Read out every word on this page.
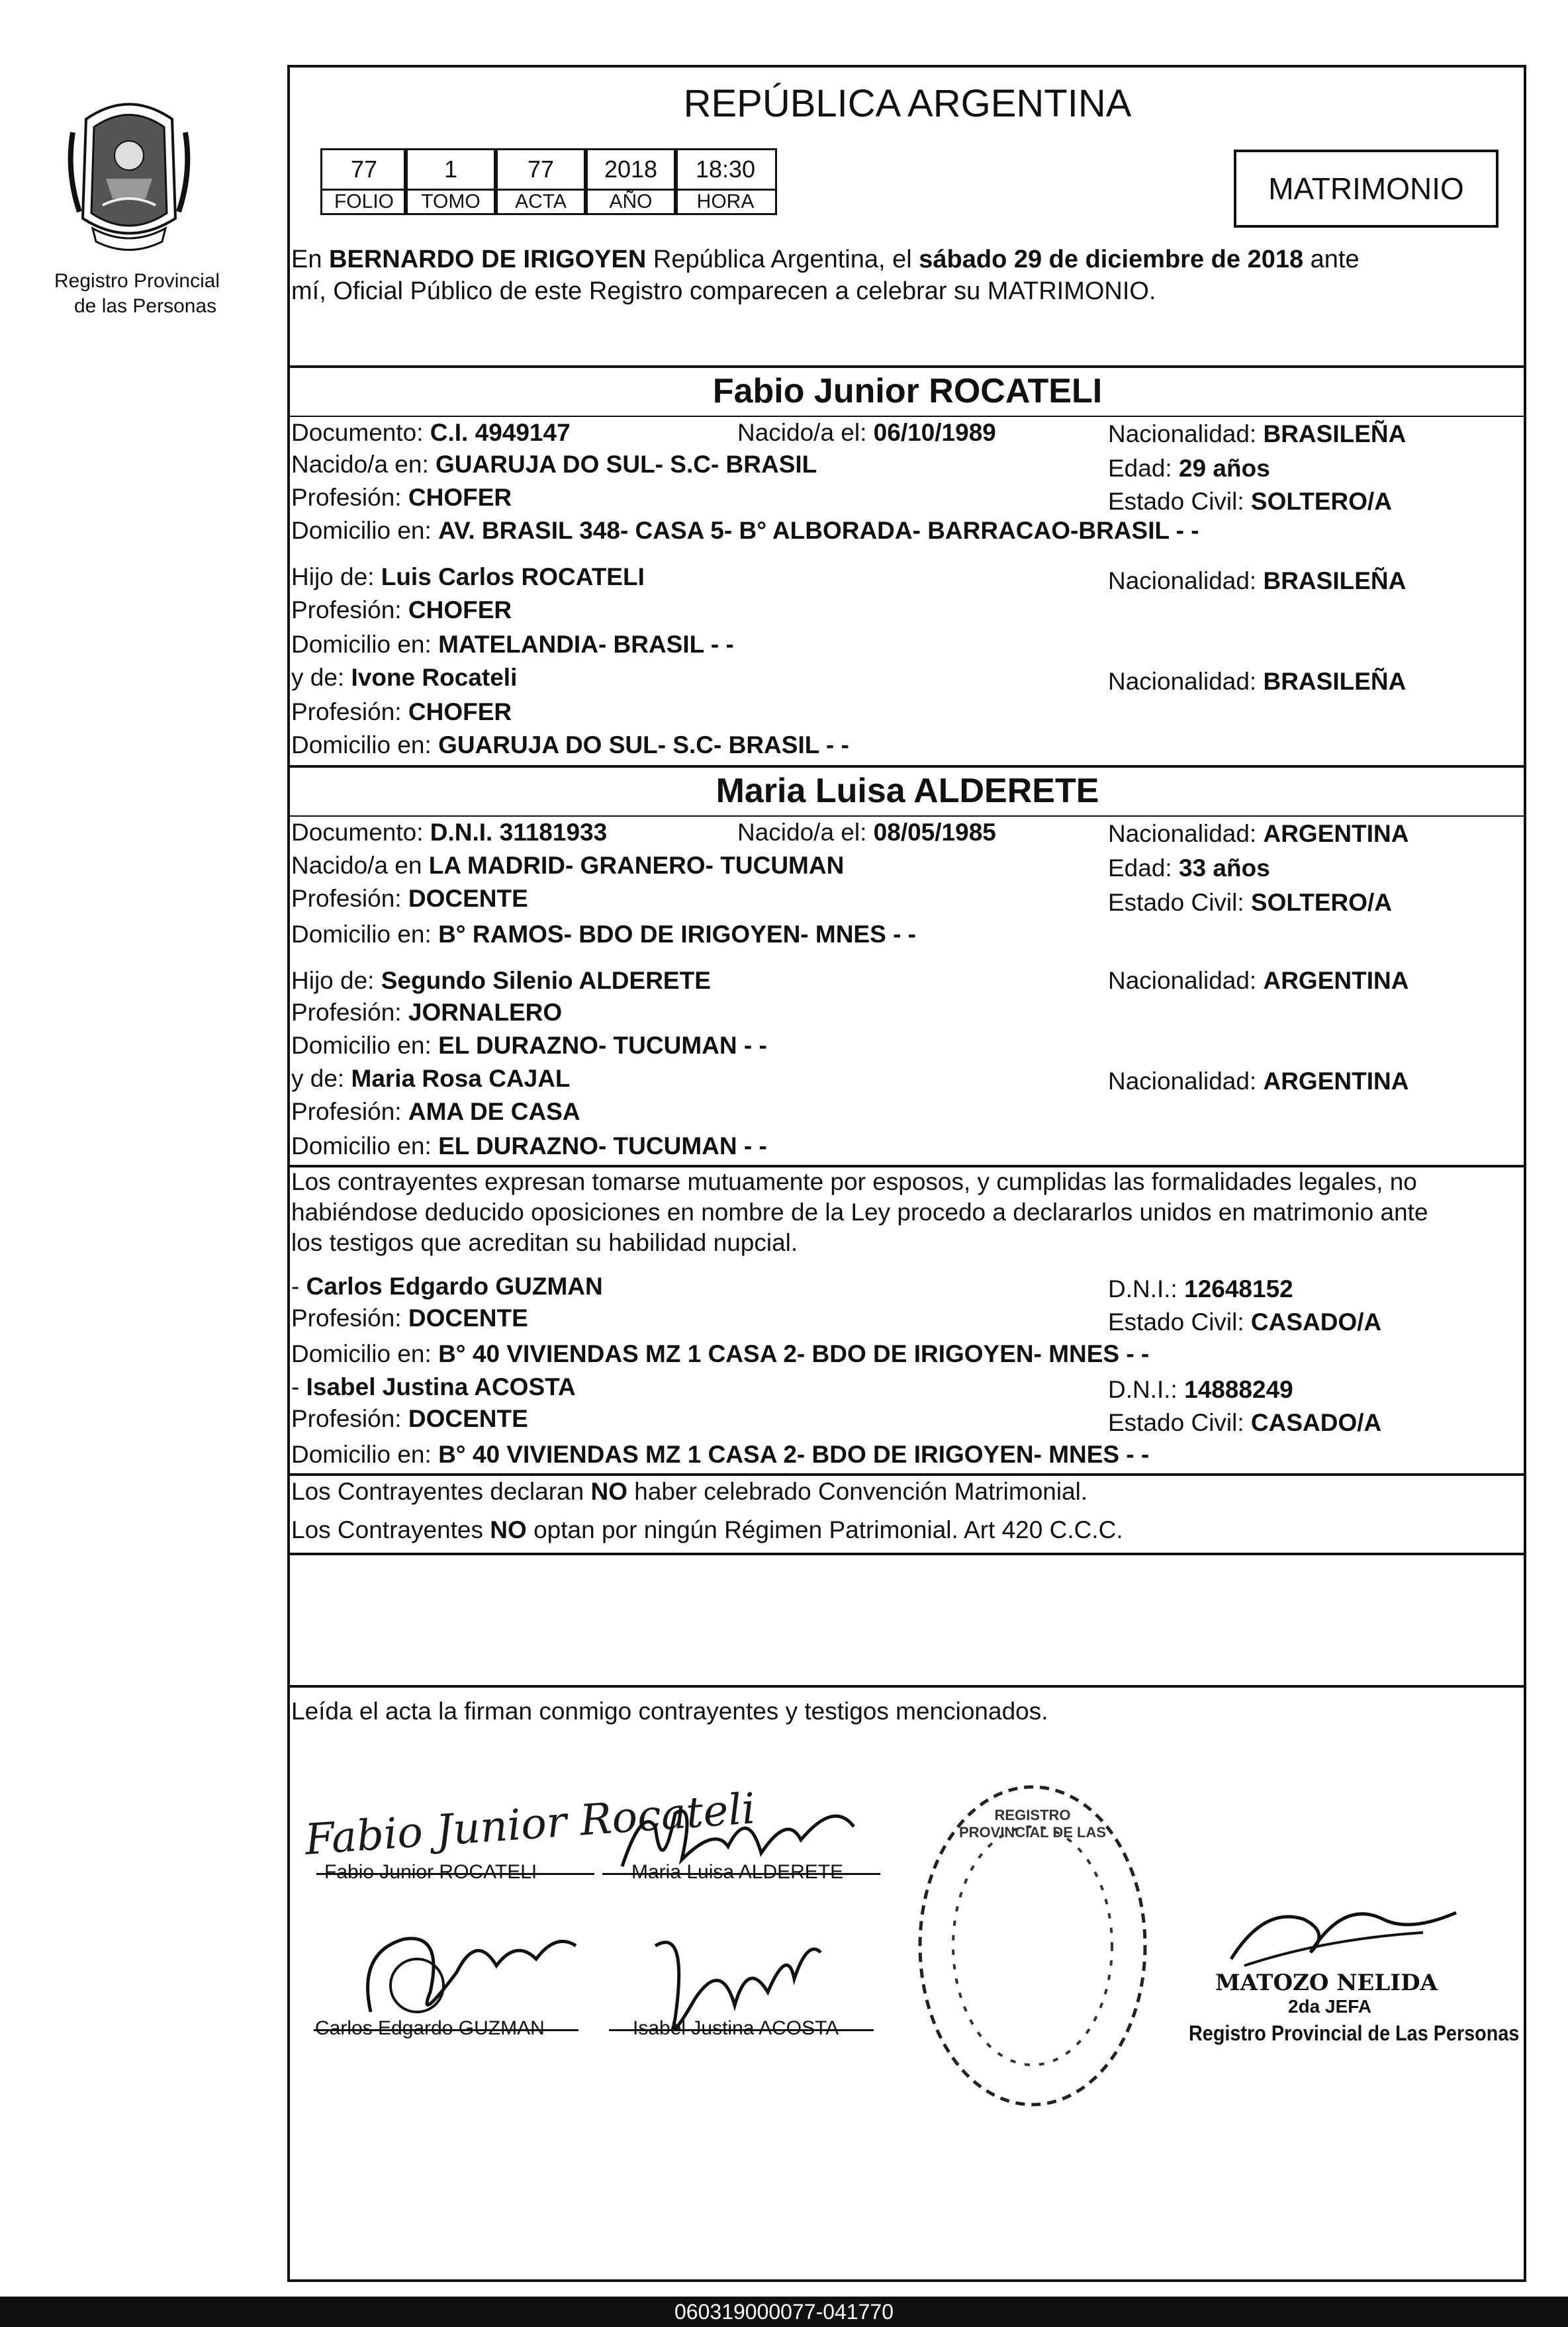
Registro Provincial
de las Personas
REPÚBLICA ARGENTINA
77	1	77	2018	18:30
FOLIO	TOMO	ACTA	AÑO	HORA	MATRIMONIO
En BERNARDO DE IRIGOYEN República Argentina, el sábado 29 de diciembre de 2018 ante
mí, Oficial Público de este Registro comparecen a celebrar su MATRIMONIO.
Fabio Junior ROCATELI
Documento: C.I. 4949147	Nacido/a el: 06/10/1989	Nacionalidad: BRASILEÑA
Nacido/a en: GUARUJA DO SUL- S.C- BRASIL	Edad: 29 años
Profesión: CHOFER	Estado Civil: SOLTERO/A
Domicilio en: AV. BRASIL 348- CASA 5- B° ALBORADA- BARRACAO-BRASIL - -
Hijo de: Luis Carlos ROCATELI	Nacionalidad: BRASILEÑA
Profesión: CHOFER
Domicilio en: MATELANDIA- BRASIL - -
y de: Ivone Rocateli	Nacionalidad: BRASILEÑA
Profesión: CHOFER
Domicilio en: GUARUJA DO SUL- S.C- BRASIL - -
Maria Luisa ALDERETE
Documento: D.N.I. 31181933	Nacido/a el: 08/05/1985	Nacionalidad: ARGENTINA
Nacido/a en LA MADRID- GRANERO- TUCUMAN	Edad: 33 años
Profesión: DOCENTE	Estado Civil: SOLTERO/A
Domicilio en: B° RAMOS- BDO DE IRIGOYEN- MNES - -
Hijo de: Segundo Silenio ALDERETE	Nacionalidad: ARGENTINA
Profesión: JORNALERO
Domicilio en: EL DURAZNO- TUCUMAN - -
y de: Maria Rosa CAJAL	Nacionalidad: ARGENTINA
Profesión: AMA DE CASA
Domicilio en: EL DURAZNO- TUCUMAN - -
Los contrayentes expresan tomarse mutuamente por esposos, y cumplidas las formalidades legales, no
habiéndose deducido oposiciones en nombre de la Ley procedo a declararlos unidos en matrimonio ante
los testigos que acreditan su habilidad nupcial.
- Carlos Edgardo GUZMAN	D.N.I.: 12648152
Profesión: DOCENTE	Estado Civil: CASADO/A
Domicilio en: B° 40 VIVIENDAS MZ 1 CASA 2- BDO DE IRIGOYEN- MNES - -
- Isabel Justina ACOSTA	D.N.I.: 14888249
Profesión: DOCENTE	Estado Civil: CASADO/A
Domicilio en: B° 40 VIVIENDAS MZ 1 CASA 2- BDO DE IRIGOYEN- MNES - -
Los Contrayentes declaran NO haber celebrado Convención Matrimonial.
Los Contrayentes NO optan por ningún Régimen Patrimonial. Art 420 C.C.C.
Leída el acta la firman conmigo contrayentes y testigos mencionados.
Fabio Junior Rocateli
Fabio Junior ROCATELI	Maria Luisa ALDERETE
Carlos Edgardo GUZMAN	Isabel Justina ACOSTA
REGISTRO PROVINCIAL DE LAS
MATOZO NELIDA
2da JEFA
Registro Provincial de Las Personas
060319000077-041770
